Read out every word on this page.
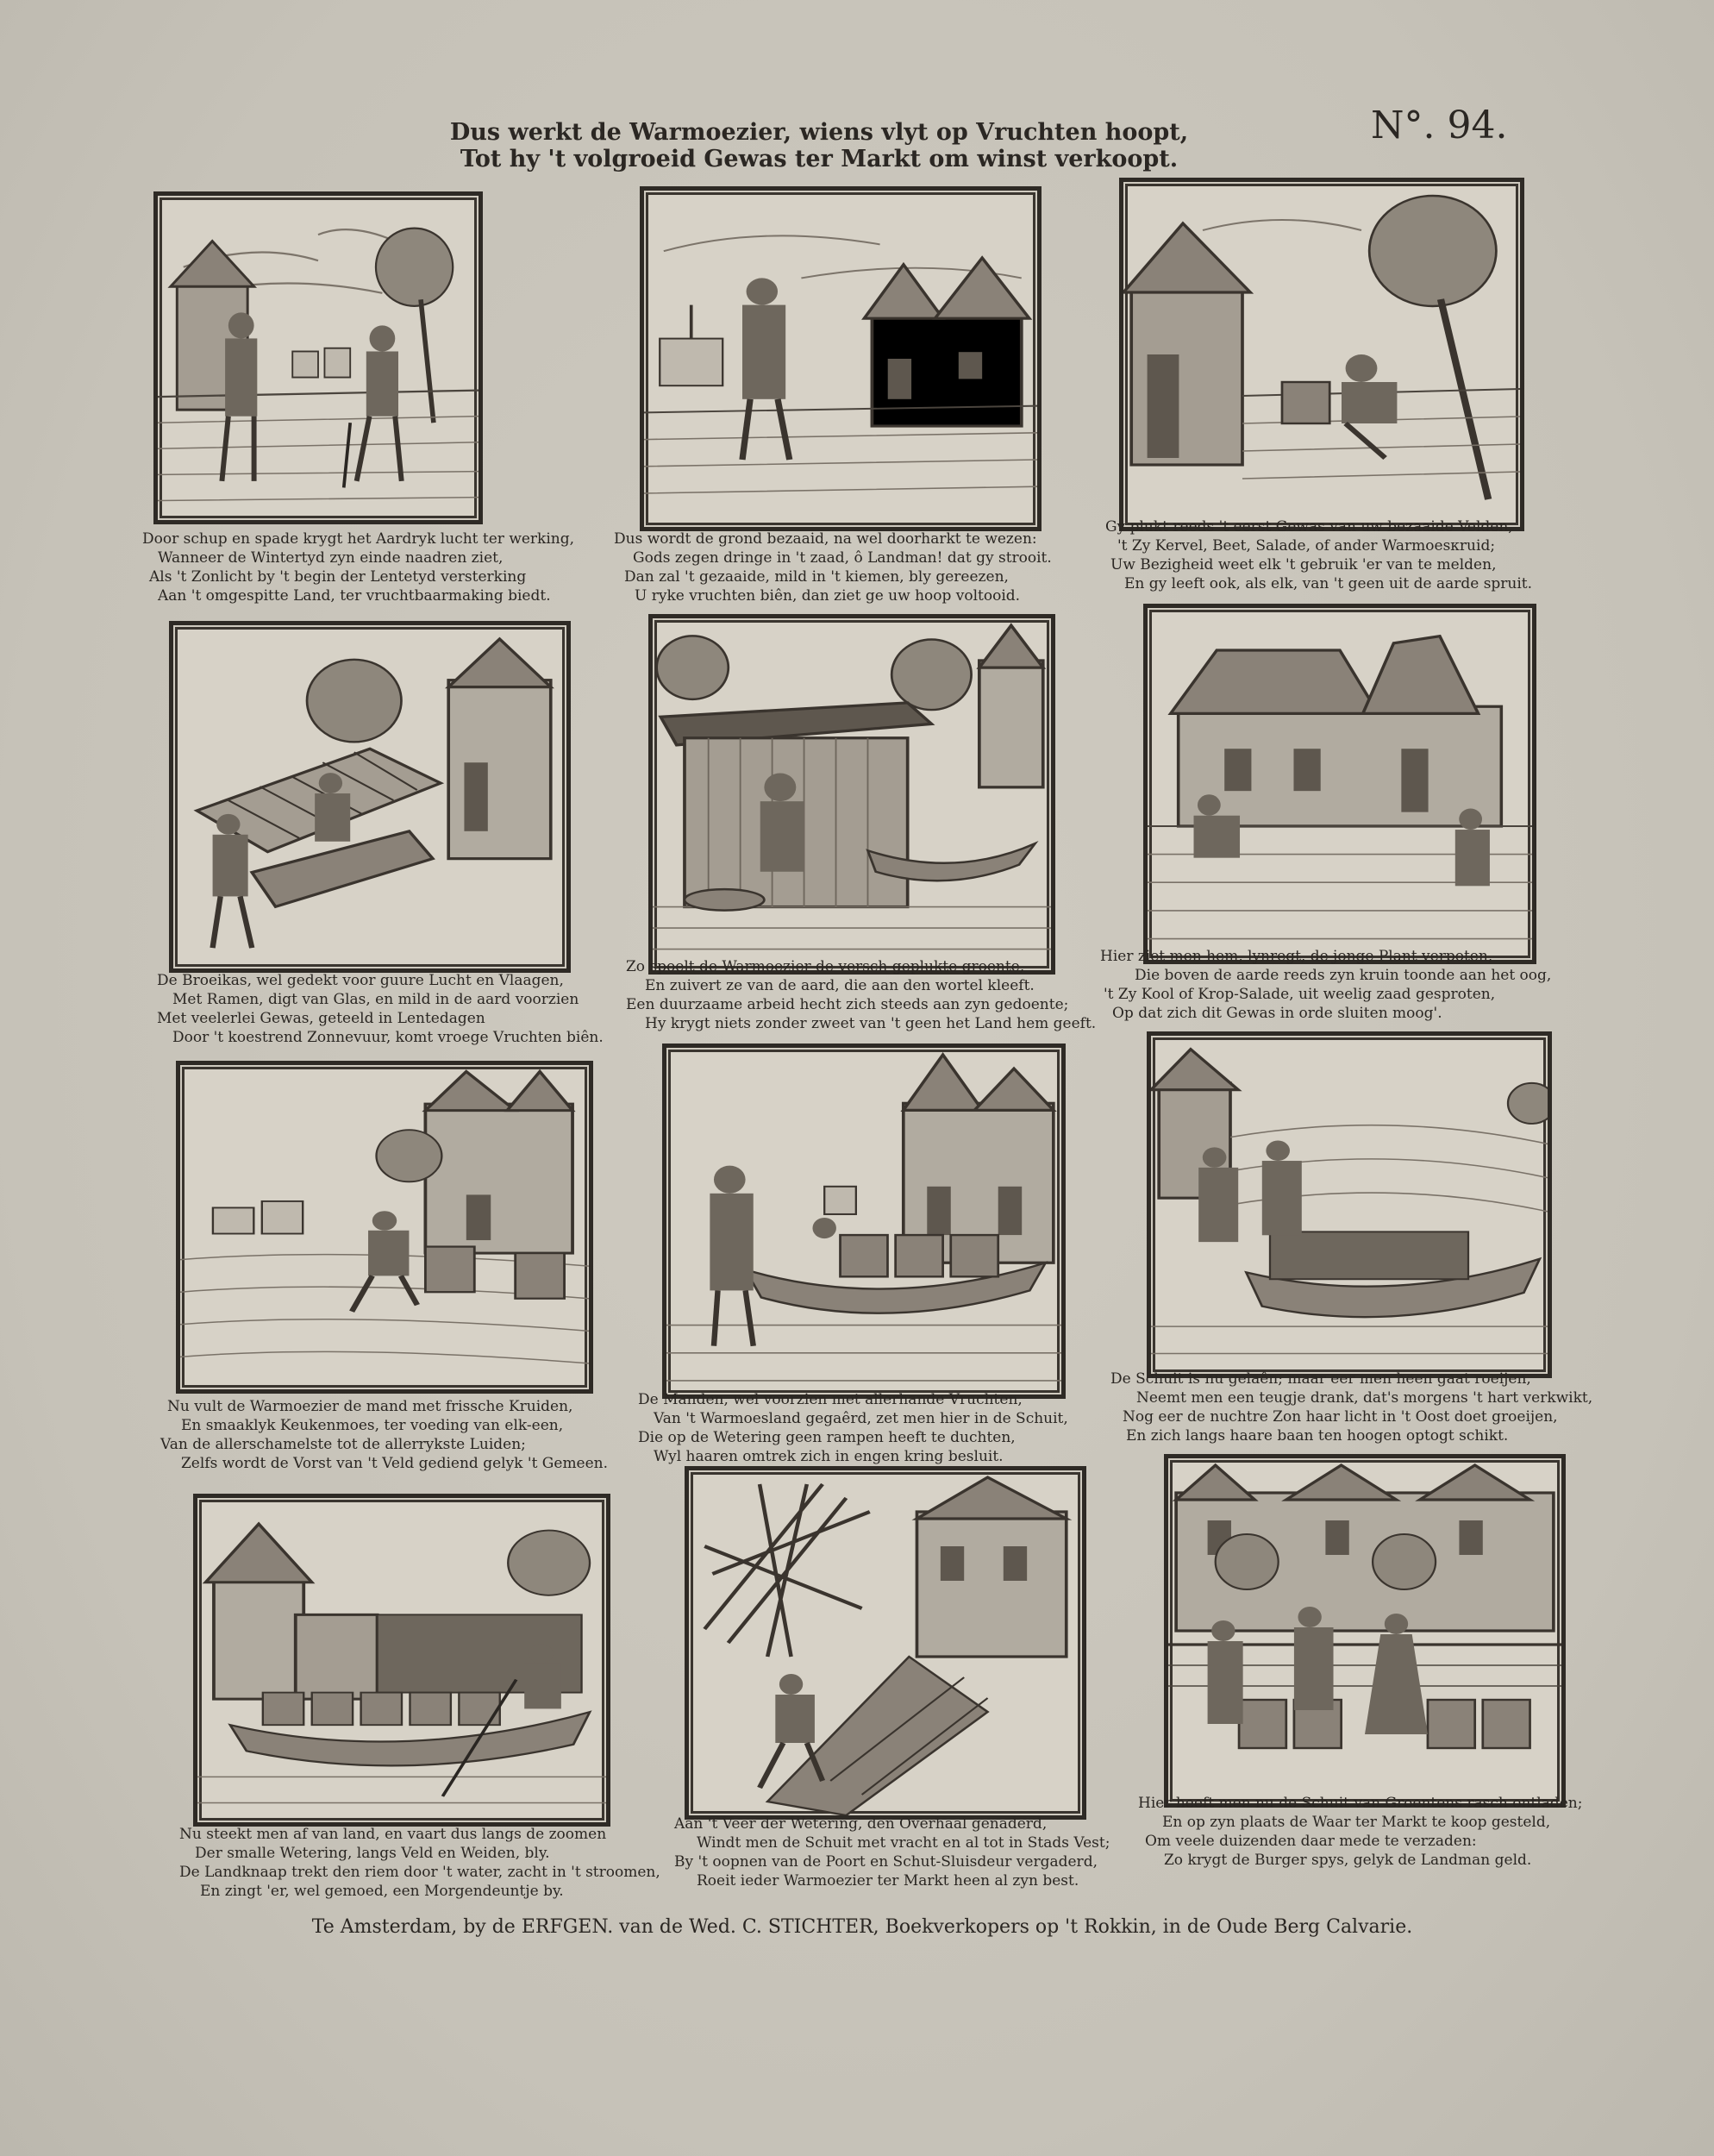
Dus werkt de Warmoezier, wiens vlyt op Vruchten hoopt,
Tot hy 't volgroeid Gewas ter Markt om winst verkoopt.
N°. 94.
Door schup en spade krygt het Aardryk lucht ter werking,
Wanneer de Wintertyd zyn einde naadren ziet,
Als 't Zonlicht by 't begin der Lentetyd versterking
Aan 't omgespitte Land, ter vruchtbaarmaking biedt.
Dus wordt de grond bezaaid, na wel doorharkt te wezen:
Gods zegen dringe in 't zaad, ô Landman! dat gy strooit.
Dan zal 't gezaaide, mild in 't kiemen, bly gereezen,
U ryke vruchten biên, dan ziet ge uw hoop voltooid.
Gy plukt reeds 't eerst Gewas van uw bezaaide Velden,
't Zy Kervel, Beet, Salade, of ander Warmoesкruid;
Uw Bezigheid weet elk 't gebruik 'er van te melden,
En gy leeft ook, als elk, van 't geen uit de aarde spruit.
De Broeikas, wel gedekt voor guure Lucht en Vlaagen,
Met Ramen, digt van Glas, en mild in de aard voorzien
Met veelerlei Gewas, geteeld in Lentedagen
Door 't koestrend Zonnevuur, komt vroege Vruchten biên.
Zo spoelt de Warmoezier de versch geplukte groente,
En zuivert ze van de aard, die aan den wortel kleeft.
Een duurzaame arbeid hecht zich steeds aan zyn gedoente;
Hy krygt niets zonder zweet van 't geen het Land hem geeft.
Hier ziet men hem, lynregt, de jonge Plant verpoten,
Die boven de aarde reeds zyn kruin toonde aan het oog,
't Zy Kool of Krop-Salade, uit weelig zaad gesproten,
Op dat zich dit Gewas in orde sluiten moog'.
Nu vult de Warmoezier de mand met frissche Kruiden,
En smaaklyk Keukenmoes, ter voeding van elk-een,
Van de allerschamelste tot de allerrykste Luiden;
Zelfs wordt de Vorst van 't Veld gediend gelyk 't Gemeen.
De Manden, wel voorzien met allerhande Vruchten,
Van 't Warmoesland gegaêrd, zet men hier in de Schuit,
Die op de Wetering geen rampen heeft te duchten,
Wyl haaren omtrek zich in engen kring besluit.
De Schuit is nu gelaên; maar eer men heen gaat roeijen,
Neemt men een teugje drank, dat's morgens 't hart verkwikt,
Nog eer de nuchtre Zon haar licht in 't Oost doet groeijen,
En zich langs haare baan ten hoogen optogt schikt.
Nu steekt men af van land, en vaart dus langs de zoomen
Der smalle Wetering, langs Veld en Weiden, bly.
De Landknaap trekt den riem door 't water, zacht in 't stroomen,
En zingt 'er, wel gemoed, een Morgendeuntje by.
Aan 't Veer der Wetering, den Overhaal genaderd,
Windt men de Schuit met vracht en al tot in Stads Vest;
By 't oopnen van de Poort en Schut-Sluisdeur vergaderd,
Roeit ieder Warmoezier ter Markt heen al zyn best.
Hier heeft men nu de Schuit van Groentens rasch ontladen;
En op zyn plaats de Waar ter Markt te koop gesteld,
Om veele duizenden daar mede te verzaden:
Zo krygt de Burger spys, gelyk de Landman geld.
Te Amsterdam, by de ERFGEN. van de Wed. C. STICHTER, Boekverkopers op 't Rokkin, in de Oude Berg Calvarie.
